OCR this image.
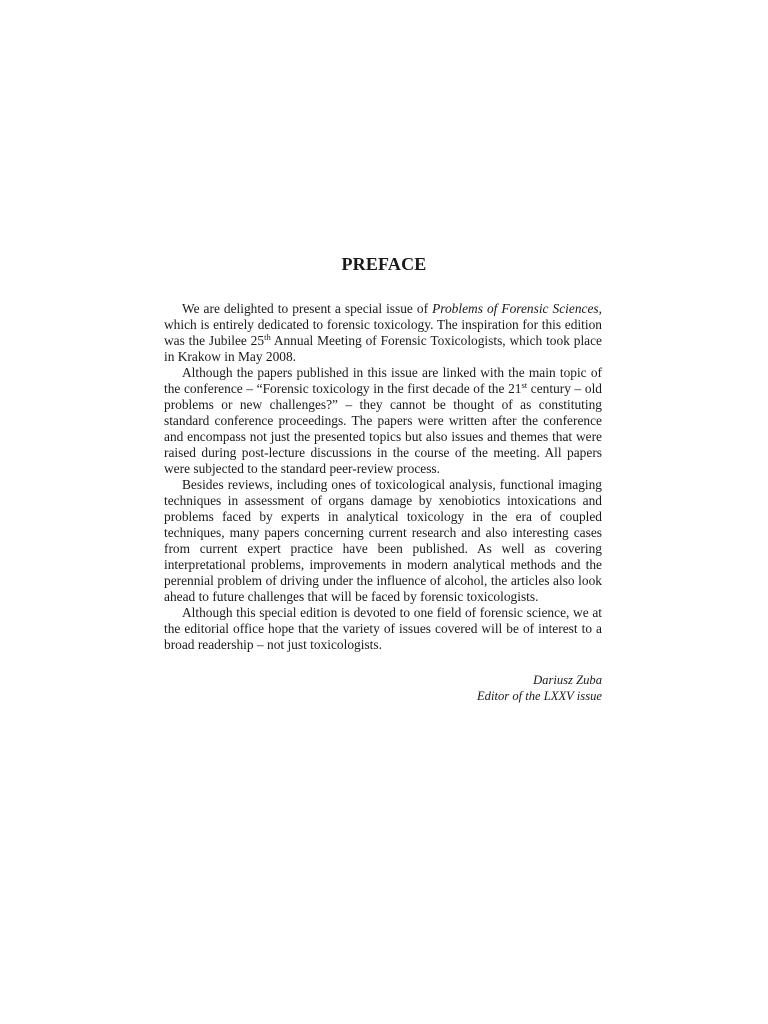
PREFACE

We are delighted to present a special issue of Problems of Forensic Sciences, which is entirely dedicated to forensic toxicology. The inspiration for this edition was the Jubilee 25th Annual Meeting of Forensic Toxicologists, which took place in Krakow in May 2008.

Although the papers published in this issue are linked with the main topic of the conference – “Forensic toxicology in the first decade of the 21st century – old problems or new challenges?” – they cannot be thought of as constituting standard conference proceedings. The papers were written after the conference and encompass not just the presented topics but also issues and themes that were raised during post-lecture discussions in the course of the meeting. All papers were subjected to the standard peer-review process.

Besides reviews, including ones of toxicological analysis, functional imaging techniques in assessment of organs damage by xenobiotics intoxications and problems faced by experts in analytical toxicology in the era of coupled techniques, many papers concerning current research and also interesting cases from current expert practice have been published. As well as covering interpretational problems, improvements in modern analytical methods and the perennial problem of driving under the influence of alcohol, the articles also look ahead to future challenges that will be faced by forensic toxicologists.

Although this special edition is devoted to one field of forensic science, we at the editorial office hope that the variety of issues covered will be of interest to a broad readership – not just toxicologists.

Dariusz Zuba
Editor of the LXXV issue
